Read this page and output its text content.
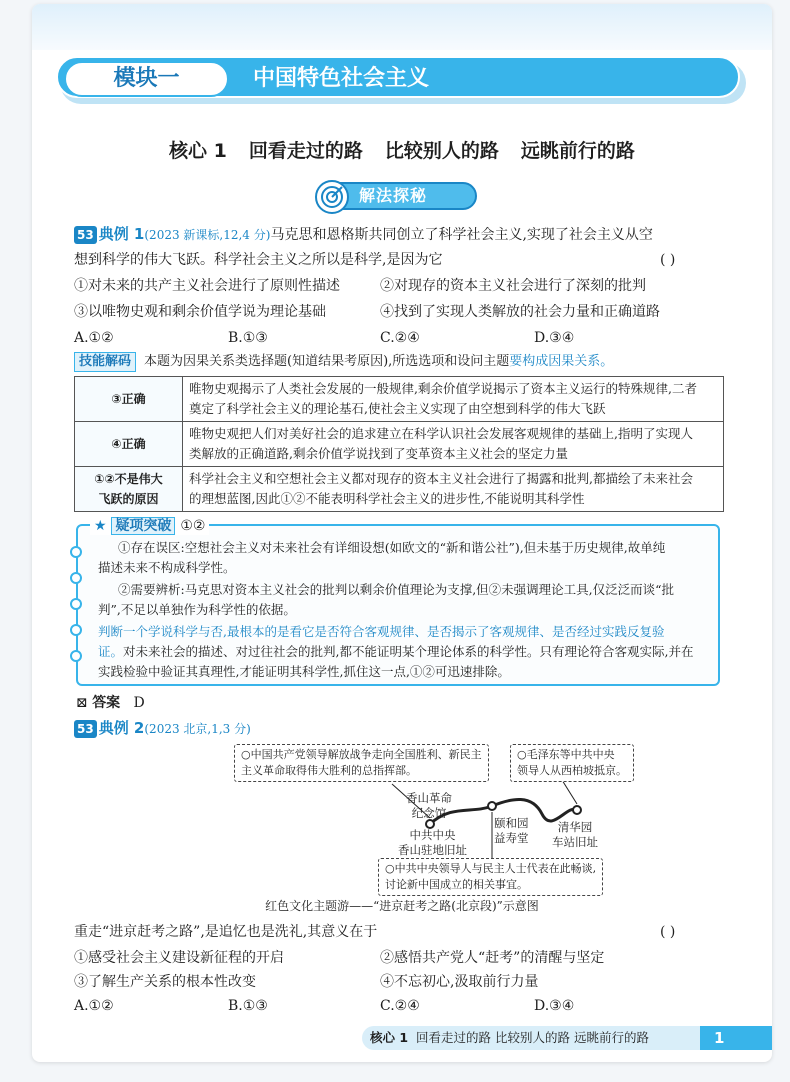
模块一	中国特色社会主义
核心 1 回看走过的路 比较别人的路 远眺前行的路
解法探秘
53 典例 1(2023 新课标,12,4 分)马克思和恩格斯共同创立了科学社会主义,实现了社会主义从空
想到科学的伟大飞跃。科学社会主义之所以是科学,是因为它	( )
①对未来的共产主义社会进行了原则性描述	②对现存的资本主义社会进行了深刻的批判
③以唯物史观和剩余价值学说为理论基础	④找到了实现人类解放的社会力量和正确道路
A.①②	B.①③	C.②④	D.③④
技能解码 本题为因果关系类选择题(知道结果考原因),所选选项和设问主题要构成因果关系。
③正确	唯物史观揭示了人类社会发展的一般规律,剩余价值学说揭示了资本主义运行的特殊规律,二者
奠定了科学社会主义的理论基石,使社会主义实现了由空想到科学的伟大飞跃
④正确	唯物史观把人们对美好社会的追求建立在科学认识社会发展客观规律的基础上,指明了实现人
类解放的正确道路,剩余价值学说找到了变革资本主义社会的坚定力量
①②不是伟大
飞跃的原因	科学社会主义和空想社会主义都对现存的资本主义社会进行了揭露和批判,都描绘了未来社会
的理想蓝图,因此①②不能表明科学社会主义的进步性,不能说明其科学性
★ 疑项突破 ①②

①存在误区:空想社会主义对未来社会有详细设想(如欧文的“新和谐公社”),但未基于历史规律,故单纯

描述未来不构成科学性。

②需要辨析:马克思对资本主义社会的批判以剩余价值理论为支撑,但②未强调理论工具,仅泛泛而谈“批

判”,不足以单独作为科学性的依据。

判断一个学说科学与否,最根本的是看它是否符合客观规律、是否揭示了客观规律、是否经过实践反复验

证。对未来社会的描述、对过往社会的批判,都不能证明某个理论体系的科学性。只有理论符合客观实际,并在

实践检验中验证其真理性,才能证明其科学性,抓住这一点,①②可迅速排除。

⊠ 答案 D
53 典例 2(2023 北京,1,3 分)
○中国共产党领导解放战争走向全国胜利、新民主
主义革命取得伟大胜利的总指挥部。
○毛泽东等中共中央
领导人从西柏坡抵京。
香山革命
纪念馆
中共中央
香山驻地旧址
颐和园
益寿堂
清华园
车站旧址
○中共中央领导人与民主人士代表在此畅谈,
讨论新中国成立的相关事宜。
红色文化主题游——“进京赶考之路(北京段)”示意图
重走“进京赶考之路”,是追忆也是洗礼,其意义在于	( )
①感受社会主义建设新征程的开启	②感悟共产党人“赶考”的清醒与坚定
③了解生产关系的根本性改变	④不忘初心,汲取前行力量
A.①②	B.①③	C.②④	D.③④
核心 1 回看走过的路 比较别人的路 远眺前行的路	1
